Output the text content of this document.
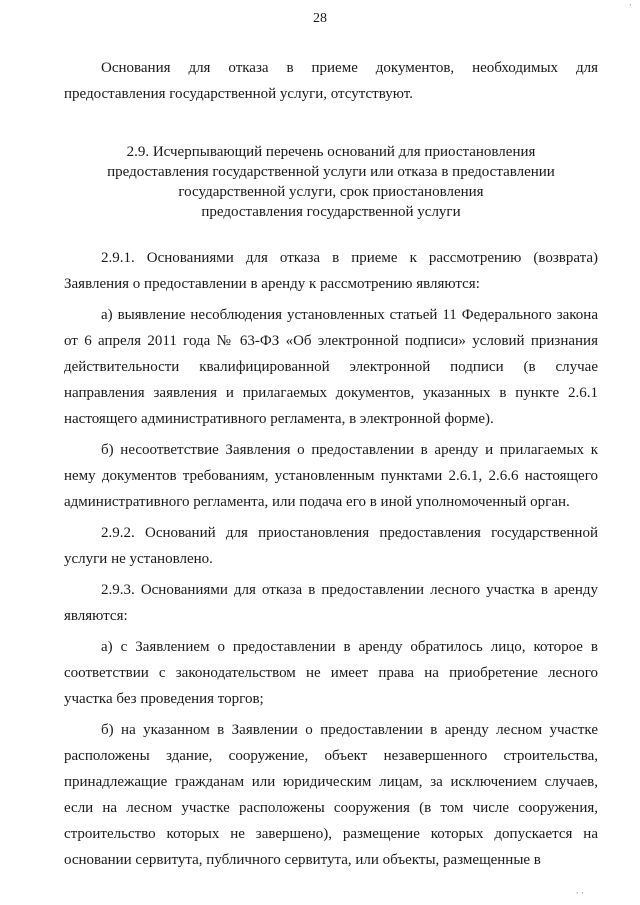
28
⋅
⋅ ⋅

Основания для отказа в приеме документов, необходимых для предоставления государственной услуги, отсутствуют.

2.9. Исчерпывающий перечень оснований для приостановления

предоставления государственной услуги или отказа в предоставлении

государственной услуги, срок приостановления

предоставления государственной услуги

2.9.1. Основаниями для отказа в приеме к рассмотрению (возврата) Заявления о предоставлении в аренду к рассмотрению являются:

а) выявление несоблюдения установленных статьей 11 Федерального закона от 6 апреля 2011 года № 63-ФЗ «Об электронной подписи» условий признания действительности квалифицированной электронной подписи (в случае направления заявления и прилагаемых документов, указанных в пункте 2.6.1 настоящего административного регламента, в электронной форме).

б) несоответствие Заявления о предоставлении в аренду и прилагаемых к нему документов требованиям, установленным пунктами 2.6.1, 2.6.6 настоящего административного регламента, или подача его в иной уполномоченный орган.

2.9.2. Оснований для приостановления предоставления государственной услуги не установлено.

2.9.3. Основаниями для отказа в предоставлении лесного участка в аренду являются:

а) с Заявлением о предоставлении в аренду обратилось лицо, которое в соответствии с законодательством не имеет права на приобретение лесного участка без проведения торгов;

б) на указанном в Заявлении о предоставлении в аренду лесном участке расположены здание, сооружение, объект незавершенного строительства, принадлежащие гражданам или юридическим лицам, за исключением случаев, если на лесном участке расположены сооружения (в том числе сооружения, строительство которых не завершено), размещение которых допускается на основании сервитута, публичного сервитута, или объекты, размещенные в
